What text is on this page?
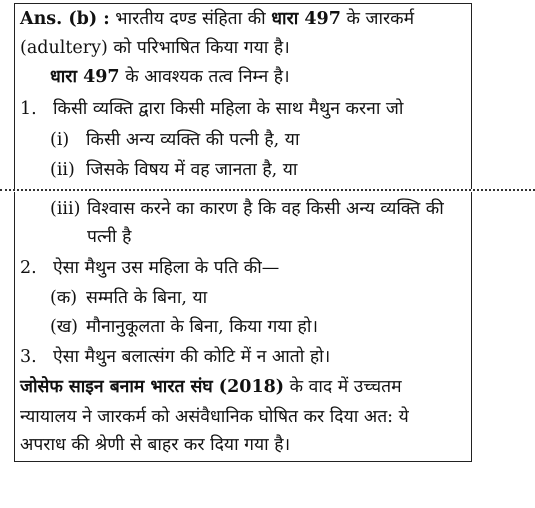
Ans. (b) : भारतीय दण्ड संहिता की धारा 497 के जारकर्म
(adultery) को परिभाषित किया गया है।
धारा 497 के आवश्यक तत्व निम्न है।
1. किसी व्यक्ति द्वारा किसी महिला के साथ मैथुन करना जो
(i) किसी अन्य व्यक्ति की पत्नी है, या
(ii) जिसके विषय में वह जानता है, या
(iii) विश्वास करने का कारण है कि वह किसी अन्य व्यक्ति की
पत्नी है
2. ऐसा मैथुन उस महिला के पति की—
(क) सम्मति के बिना, या
(ख) मौनानुकूलता के बिना, किया गया हो।
3. ऐसा मैथुन बलात्संग की कोटि में न आतो हो।
जोसेफ साइन बनाम भारत संघ (2018) के वाद में उच्चतम
न्यायालय ने जारकर्म को असंवैधानिक घोषित कर दिया अत: ये
अपराध की श्रेणी से बाहर कर दिया गया है।
